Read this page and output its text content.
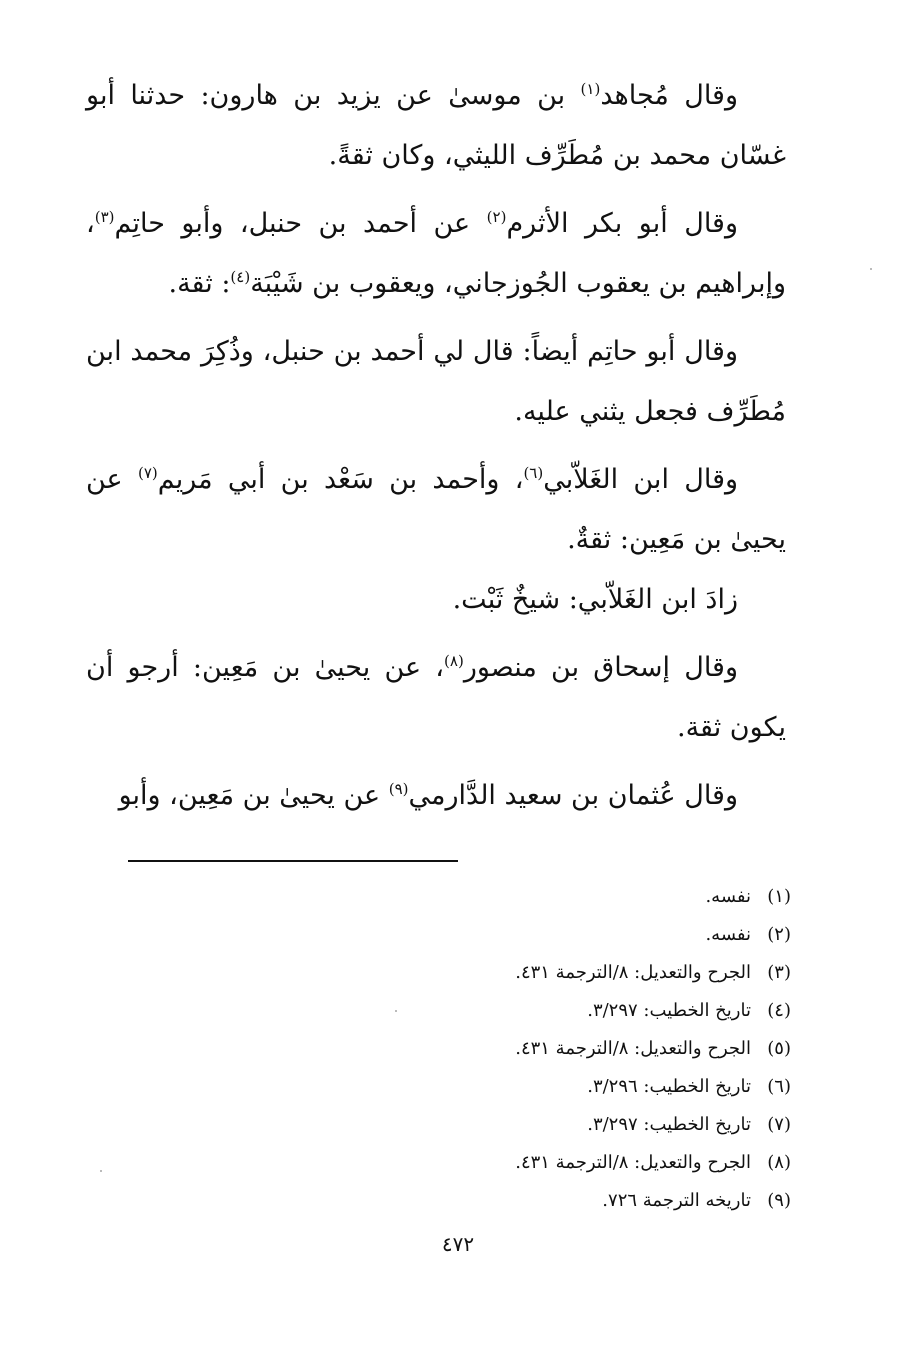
وقال مُجاهد$^{(١)}$ بن موسىٰ عن يزيد بن هارون: حدثنا أبو غسّان محمد بن مُطَرِّف الليثي، وكان ثقةً.

وقال أبو بكر الأثرم$^{(٢)}$ عن أحمد بن حنبل، وأبو حاتِم$^{(٣)}$، وإبراهيم بن يعقوب الجُوزجاني، ويعقوب بن شَيْبَة$^{(٤)}$: ثقة.

وقال أبو حاتِم أيضاً: قال لي أحمد بن حنبل، وذُكِرَ محمد ابن مُطَرِّف فجعل يثني عليه.

وقال ابن الغَلاّبي$^{(٦)}$، وأحمد بن سَعْد بن أبي مَريم$^{(٧)}$ عن يحيىٰ بن مَعِين: ثقةٌ.

زادَ ابن الغَلاّبي: شيخٌ ثَبْت.

وقال إسحاق بن منصور$^{(٨)}$، عن يحيىٰ بن مَعِين: أرجو أن يكون ثقة.

وقال عُثمان بن سعيد الدَّارمي$^{(٩)}$ عن يحيىٰ بن مَعِين، وأبو

(١)نفسه.
(٢)نفسه.
(٣)الجرح والتعديل: ٨/الترجمة ٤٣١.
(٤)تاريخ الخطيب: ٣/٢٩٧.
(٥)الجرح والتعديل: ٨/الترجمة ٤٣١.
(٦)تاريخ الخطيب: ٣/٢٩٦.
(٧)تاريخ الخطيب: ٣/٢٩٧.
(٨)الجرح والتعديل: ٨/الترجمة ٤٣١.
(٩)تاريخه الترجمة ٧٢٦.
٤٧٢
